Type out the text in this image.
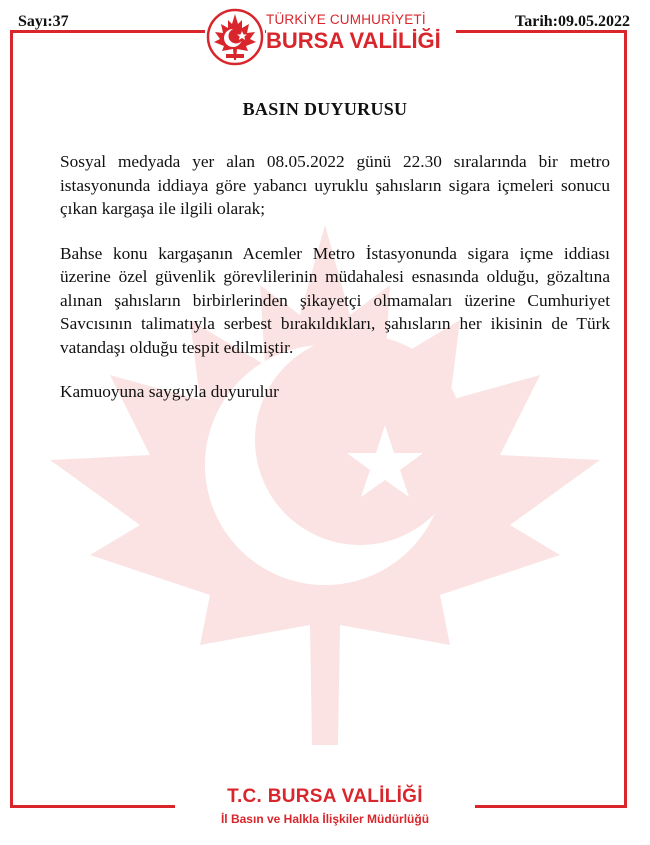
Sayı:37	Tarih:09.05.2022
TÜRKİYE CUMHURİYETİ
BURSA VALİLİĞİ
BASIN DUYURUSU

Sosyal medyada yer alan 08.05.2022 günü 22.30 sıralarında bir metro istasyonunda iddiaya göre yabancı uyruklu şahısların sigara içmeleri sonucu çıkan kargaşa ile ilgili olarak;

Bahse konu kargaşanın Acemler Metro İstasyonunda sigara içme iddiası üzerine özel güvenlik görevlilerinin müdahalesi esnasında olduğu, gözaltına alınan şahısların birbirlerinden şikayetçi olmamaları üzerine Cumhuriyet Savcısının talimatıyla serbest bırakıldıkları, şahısların her ikisinin de Türk vatandaşı olduğu tespit edilmiştir.

Kamuoyuna saygıyla duyurulur

T.C. BURSA VALİLİĞİ
İl Basın ve Halkla İlişkiler Müdürlüğü
